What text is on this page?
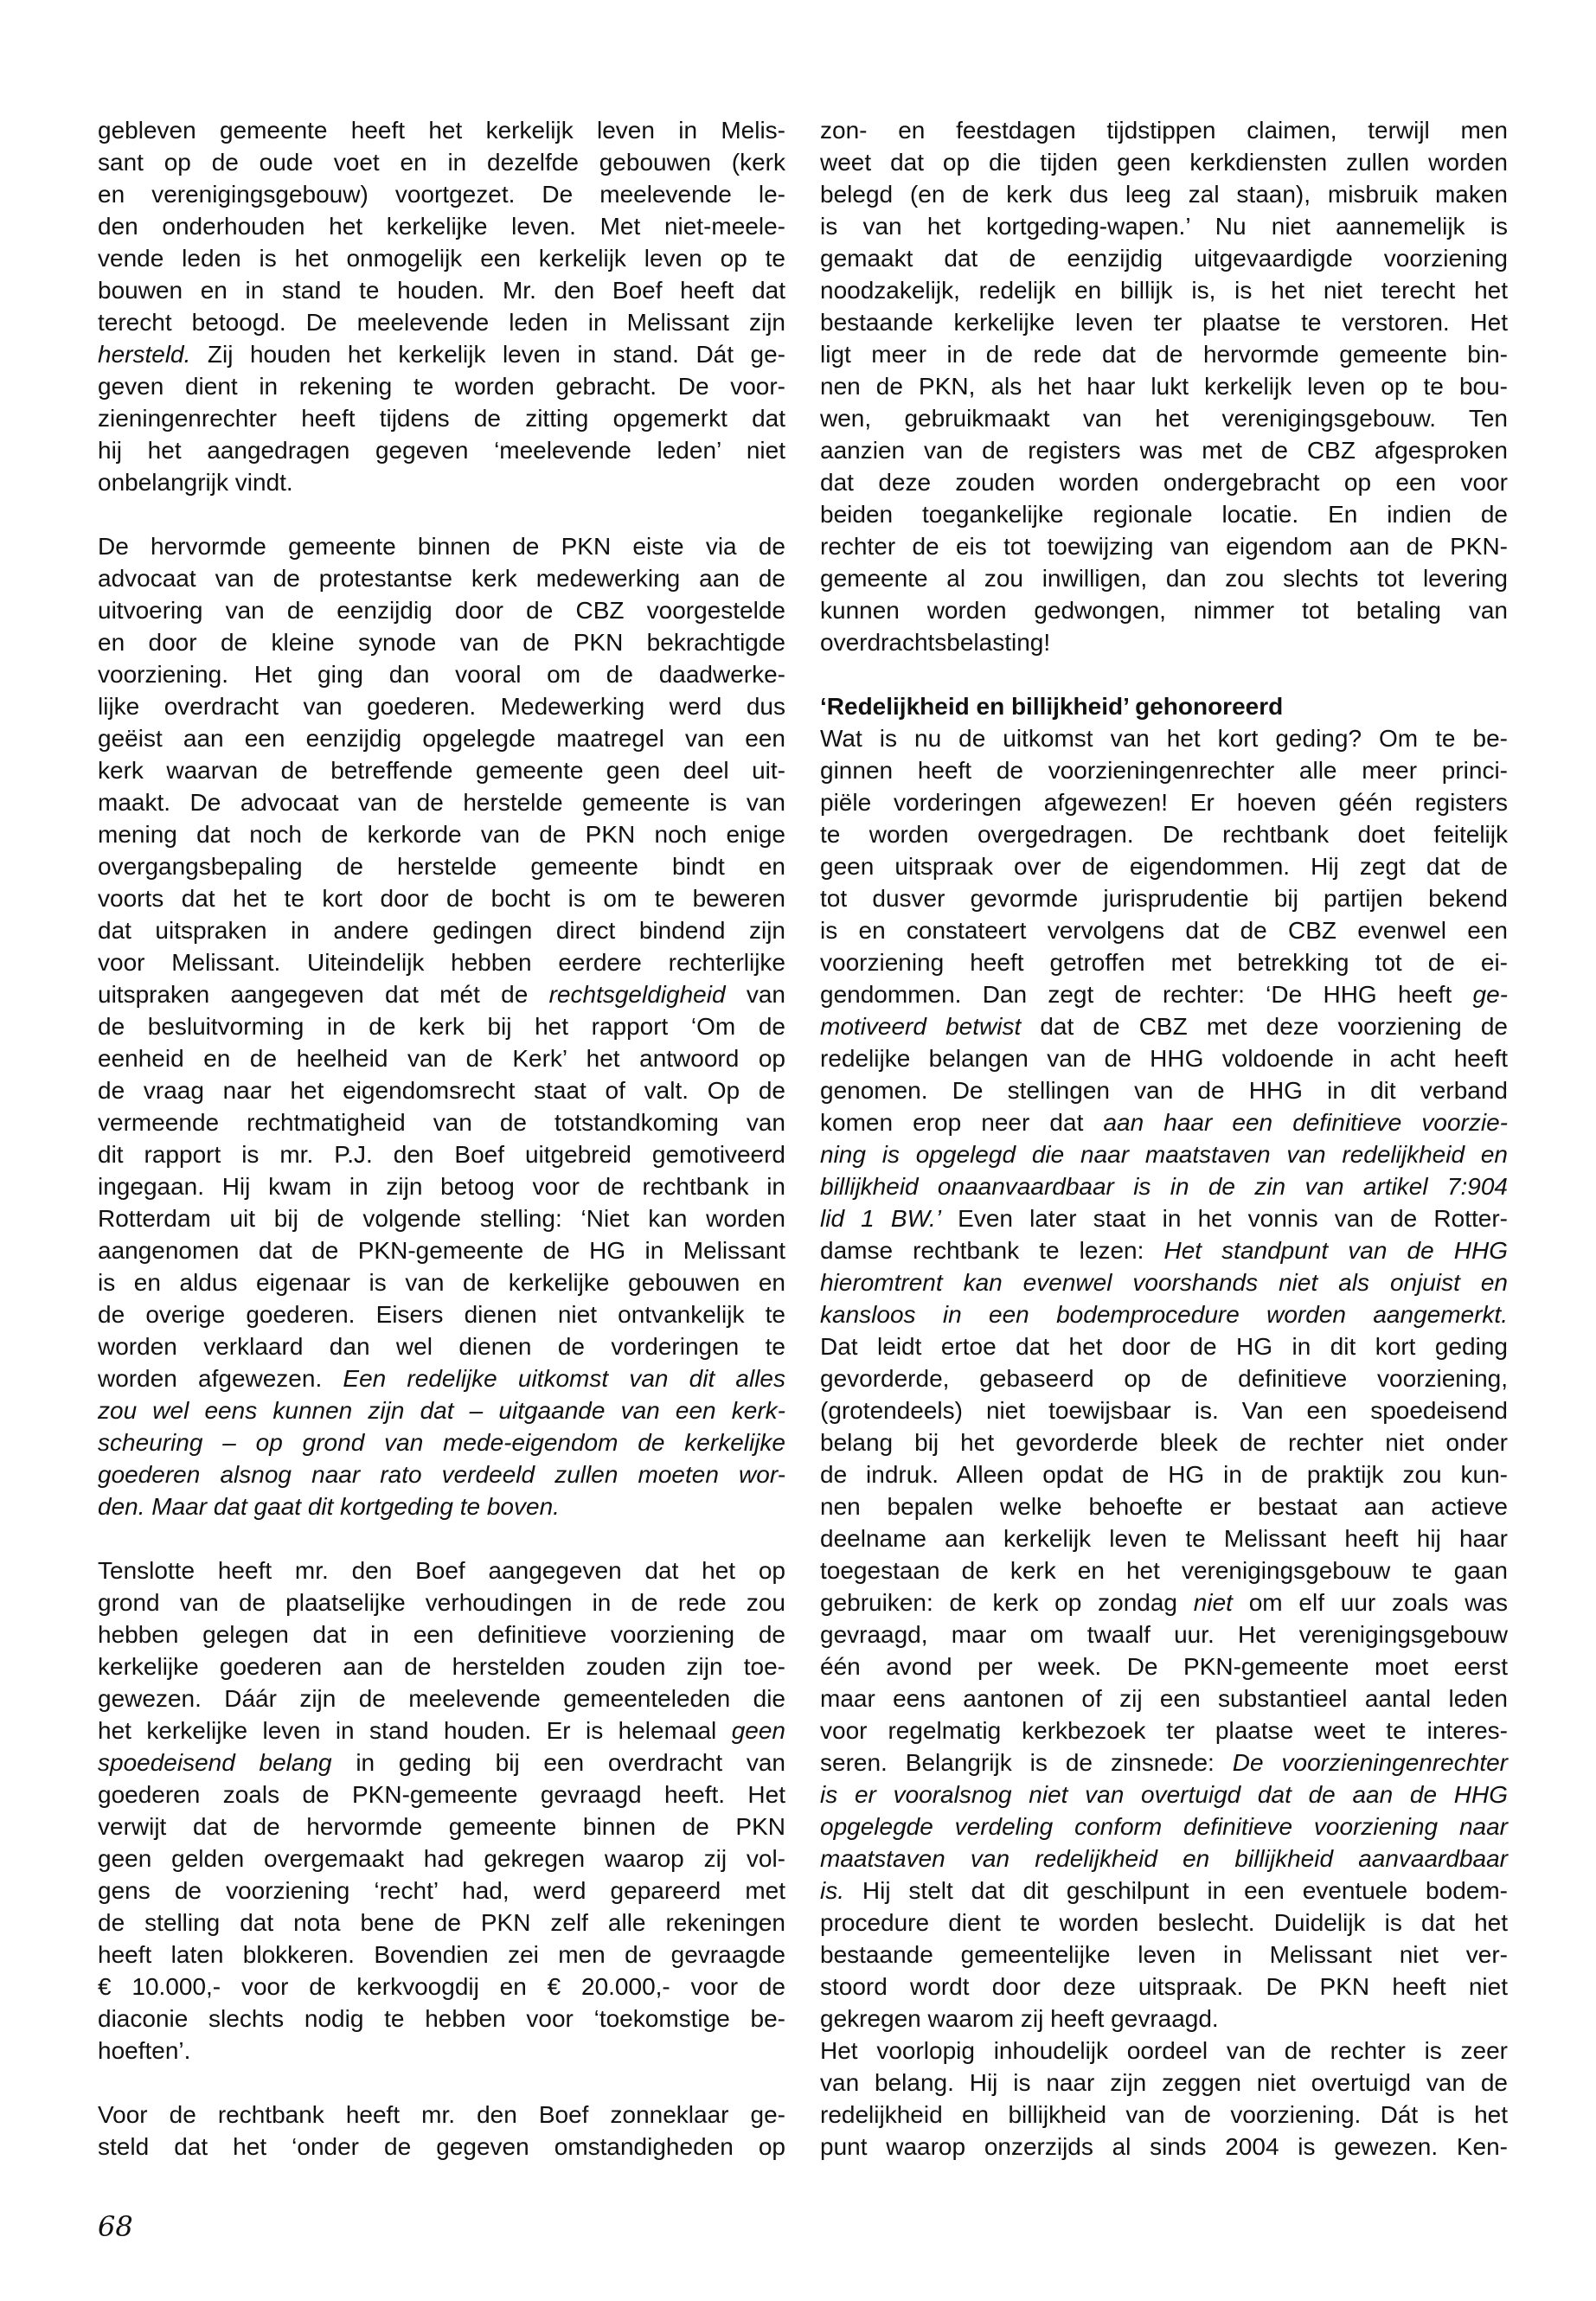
gebleven gemeente heeft het kerkelijk leven in Melis-
sant op de oude voet en in dezelfde gebouwen (kerk
en verenigingsgebouw) voortgezet. De meelevende le-
den onderhouden het kerkelijke leven. Met niet-meele-
vende leden is het onmogelijk een kerkelijk leven op te
bouwen en in stand te houden. Mr. den Boef heeft dat
terecht betoogd. De meelevende leden in Melissant zijn
hersteld. Zij houden het kerkelijk leven in stand. Dát ge-
geven dient in rekening te worden gebracht. De voor-
zieningenrechter heeft tijdens de zitting opgemerkt dat
hij het aangedragen gegeven ‘meelevende leden’ niet
onbelangrijk vindt.
De hervormde gemeente binnen de PKN eiste via de
advocaat van de protestantse kerk medewerking aan de
uitvoering van de eenzijdig door de CBZ voorgestelde
en door de kleine synode van de PKN bekrachtigde
voorziening. Het ging dan vooral om de daadwerke-
lijke overdracht van goederen. Medewerking werd dus
geëist aan een eenzijdig opgelegde maatregel van een
kerk waarvan de betreffende gemeente geen deel uit-
maakt. De advocaat van de herstelde gemeente is van
mening dat noch de kerkorde van de PKN noch enige
overgangsbepaling de herstelde gemeente bindt en
voorts dat het te kort door de bocht is om te beweren
dat uitspraken in andere gedingen direct bindend zijn
voor Melissant. Uiteindelijk hebben eerdere rechterlijke
uitspraken aangegeven dat mét de rechtsgeldigheid van
de besluitvorming in de kerk bij het rapport ‘Om de
eenheid en de heelheid van de Kerk’ het antwoord op
de vraag naar het eigendomsrecht staat of valt. Op de
vermeende rechtmatigheid van de totstandkoming van
dit rapport is mr. P.J. den Boef uitgebreid gemotiveerd
ingegaan. Hij kwam in zijn betoog voor de rechtbank in
Rotterdam uit bij de volgende stelling: ‘Niet kan worden
aangenomen dat de PKN-gemeente de HG in Melissant
is en aldus eigenaar is van de kerkelijke gebouwen en
de overige goederen. Eisers dienen niet ontvankelijk te
worden verklaard dan wel dienen de vorderingen te
worden afgewezen. Een redelijke uitkomst van dit alles
zou wel eens kunnen zijn dat – uitgaande van een kerk-
scheuring – op grond van mede-eigendom de kerkelijke
goederen alsnog naar rato verdeeld zullen moeten wor-
den. Maar dat gaat dit kortgeding te boven.
Tenslotte heeft mr. den Boef aangegeven dat het op
grond van de plaatselijke verhoudingen in de rede zou
hebben gelegen dat in een definitieve voorziening de
kerkelijke goederen aan de herstelden zouden zijn toe-
gewezen. Dáár zijn de meelevende gemeenteleden die
het kerkelijke leven in stand houden. Er is helemaal geen
spoedeisend belang in geding bij een overdracht van
goederen zoals de PKN-gemeente gevraagd heeft. Het
verwijt dat de hervormde gemeente binnen de PKN
geen gelden overgemaakt had gekregen waarop zij vol-
gens de voorziening ‘recht’ had, werd gepareerd met
de stelling dat nota bene de PKN zelf alle rekeningen
heeft laten blokkeren. Bovendien zei men de gevraagde
€ 10.000,- voor de kerkvoogdij en € 20.000,- voor de
diaconie slechts nodig te hebben voor ‘toekomstige be-
hoeften’.
Voor de rechtbank heeft mr. den Boef zonneklaar ge-
steld dat het ‘onder de gegeven omstandigheden op
zon- en feestdagen tijdstippen claimen, terwijl men
weet dat op die tijden geen kerkdiensten zullen worden
belegd (en de kerk dus leeg zal staan), misbruik maken
is van het kortgeding-wapen.’ Nu niet aannemelijk is
gemaakt dat de eenzijdig uitgevaardigde voorziening
noodzakelijk, redelijk en billijk is, is het niet terecht het
bestaande kerkelijke leven ter plaatse te verstoren. Het
ligt meer in de rede dat de hervormde gemeente bin-
nen de PKN, als het haar lukt kerkelijk leven op te bou-
wen, gebruikmaakt van het verenigingsgebouw. Ten
aanzien van de registers was met de CBZ afgesproken
dat deze zouden worden ondergebracht op een voor
beiden toegankelijke regionale locatie. En indien de
rechter de eis tot toewijzing van eigendom aan de PKN-
gemeente al zou inwilligen, dan zou slechts tot levering
kunnen worden gedwongen, nimmer tot betaling van
overdrachtsbelasting!
‘Redelijkheid en billijkheid’ gehonoreerd
Wat is nu de uitkomst van het kort geding? Om te be-
ginnen heeft de voorzieningenrechter alle meer princi-
piële vorderingen afgewezen! Er hoeven géén registers
te worden overgedragen. De rechtbank doet feitelijk
geen uitspraak over de eigendommen. Hij zegt dat de
tot dusver gevormde jurisprudentie bij partijen bekend
is en constateert vervolgens dat de CBZ evenwel een
voorziening heeft getroffen met betrekking tot de ei-
gendommen. Dan zegt de rechter: ‘De HHG heeft ge-
motiveerd betwist dat de CBZ met deze voorziening de
redelijke belangen van de HHG voldoende in acht heeft
genomen. De stellingen van de HHG in dit verband
komen erop neer dat aan haar een definitieve voorzie-
ning is opgelegd die naar maatstaven van redelijkheid en
billijkheid onaanvaardbaar is in de zin van artikel 7:904
lid 1 BW.’ Even later staat in het vonnis van de Rotter-
damse rechtbank te lezen: Het standpunt van de HHG
hieromtrent kan evenwel voorshands niet als onjuist en
kansloos in een bodemprocedure worden aangemerkt.
Dat leidt ertoe dat het door de HG in dit kort geding
gevorderde, gebaseerd op de definitieve voorziening,
(grotendeels) niet toewijsbaar is. Van een spoedeisend
belang bij het gevorderde bleek de rechter niet onder
de indruk. Alleen opdat de HG in de praktijk zou kun-
nen bepalen welke behoefte er bestaat aan actieve
deelname aan kerkelijk leven te Melissant heeft hij haar
toegestaan de kerk en het verenigingsgebouw te gaan
gebruiken: de kerk op zondag niet om elf uur zoals was
gevraagd, maar om twaalf uur. Het verenigingsgebouw
één avond per week. De PKN-gemeente moet eerst
maar eens aantonen of zij een substantieel aantal leden
voor regelmatig kerkbezoek ter plaatse weet te interes-
seren. Belangrijk is de zinsnede: De voorzieningenrechter
is er vooralsnog niet van overtuigd dat de aan de HHG
opgelegde verdeling conform definitieve voorziening naar
maatstaven van redelijkheid en billijkheid aanvaardbaar
is. Hij stelt dat dit geschilpunt in een eventuele bodem-
procedure dient te worden beslecht. Duidelijk is dat het
bestaande gemeentelijke leven in Melissant niet ver-
stoord wordt door deze uitspraak. De PKN heeft niet
gekregen waarom zij heeft gevraagd.
Het voorlopig inhoudelijk oordeel van de rechter is zeer
van belang. Hij is naar zijn zeggen niet overtuigd van de
redelijkheid en billijkheid van de voorziening. Dát is het
punt waarop onzerzijds al sinds 2004 is gewezen. Ken-
68
